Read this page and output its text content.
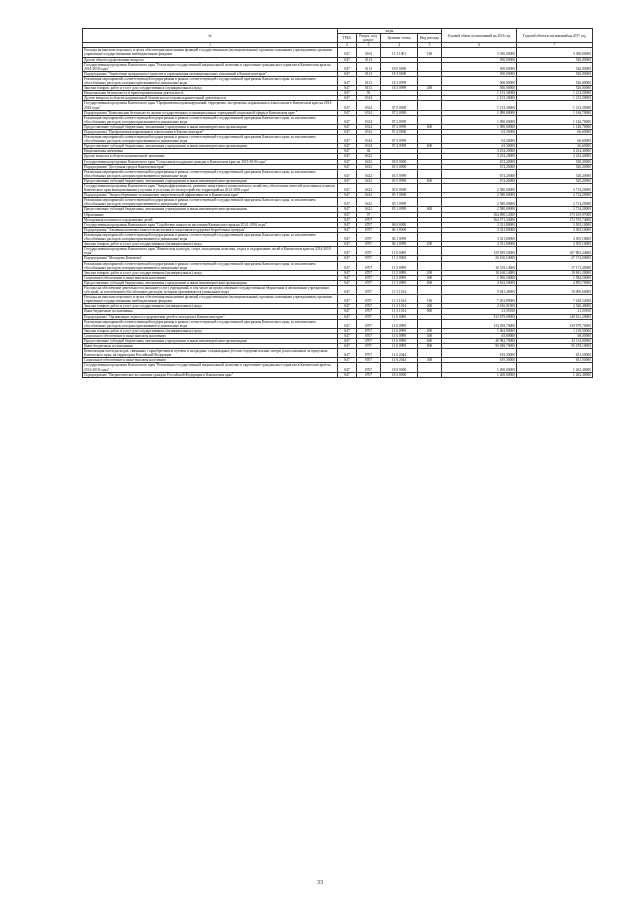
№	коды				Годовой объем ассигнований на 2016 год	Годовой объем ассигнований на 2017 год
	ГРБС	Раздел, под-раздел	Целевая статья	Вид расхода		
1	2	3	4	5	6	7
Расходы на выплаты персоналу в целях обеспечения выполнения функций государственными (муниципальными) органами, казенными учреждениями, органами управления государственными внебюджетными фондами	847	0104	11 3 1001	100	3 396,00000	3 396,00000
Другие общегосударственные вопросы	847	0113			500,00000	526,00000
Государственная программа Камчатского края "Реализация государственной национальной политики и укрепление гражданского единства в Камчатском крае на 2014-2018 годы"	847	0113	18 0 0000		500,00000	526,00000
Подпрограмма "Укрепление гражданского единства и гармонизация межнациональных отношений в Камчатском крае"	847	0113	18 3 0000		500,00000	526,00000
Реализация мероприятий соответствующей подпрограммы в рамках соответствующей государственной программы Камчатского края, за исключением обособленных расходов, которым присваиваются уникальные коды	847	0113	18 3 0999		500,00000	526,00000
Закупка товаров, работ и услуг для государственных (муниципальных) нужд	847	0113	18 3 0999	200	500,00000	526,00000
Национальная безопасность и правоохранительная деятельность	847	03			1 153,30000	1 213,30000
Другие вопросы в области национальной безопасности и правоохранительной деятельности	847	0314			1 153,30000	1 213,30000
Государственная программа Камчатского края "Профилактика правонарушений, терроризма, экстремизма, наркомании и алкоголизма в Камчатском крае на 2014-2018 годы"	847	0314	07 0 0000		1 153,30000	1 213,30000
Подпрограмма "Комплексная безопасность жизни государственных и муниципальных учреждений социальной сферы в Камчатском крае "	847	0314	07 2 0000		1 090,00000	1 146,70000
Реализация мероприятий соответствующей подпрограммы в рамках соответствующей государственной программы Камчатского края, за исключением обособленных расходов, которым присваиваются уникальные коды	847	0314	07 2 0999		1 090,00000	1 146,70000
Предоставление субсидий бюджетным, автономным учреждениям и иным некоммерческим организациям	847	0314	07 2 0999	600	1 090,00000	1 146,70000
Подпрограмма "Профилактика наркомании и алкоголизма в Камчатском крае"	847	0314	07 4 0000		63,30000	66,60000
Реализация мероприятий соответствующей подпрограммы в рамках соответствующей государственной программы Камчатского края, за исключением обособленных расходов, которым присваиваются уникальные коды	847	0314	07 4 0999		63,30000	66,60000
Предоставление субсидий бюджетным, автономным учреждениям и иным некоммерческим организациям	847	0314	07 4 0999	600	63,30000	66,60000
Национальная экономика	847	04			3 254,20000	3 234,40000
Другие вопросы в области национальной экономики	847	0412			3 254,20000	3 234,40000
Государственная программа Камчатского края "Социальная поддержка граждан в Камчатском крае на 2015-2018 годы"	847	0412	03 0 0000		674,20000	520,20000
Подпрограмма "Доступная среда в Камчатском крае"	847	0412	03 5 0000		674,20000	520,20000
Реализация мероприятий соответствующей подпрограммы в рамках соответствующей государственной программы Камчатского края, за исключением обособленных расходов, которым присваиваются уникальные коды	847	0412	03 5 0999		674,20000	520,20000
Предоставление субсидий бюджетным, автономным учреждениям и иным некоммерческим организациям	847	0412	03 5 0999	600	674,20000	520,20000
Государственная программа Камчатского края "Энергоэффективность, развитие энергетики и коммунального хозяйства, обеспечение жителей населенных пунктов Камчатского края коммунальными услугами и услугами по благоустройству территорий на 2014-2018 годы"	847	0412	05 0 0000		2 580,00000	2 714,20000
Подпрограмма "Энергосбережение и повышение энергетической эффективности в Камчатском крае"	847	0412	05 1 0000		2 580,00000	2 714,20000
Реализация мероприятий соответствующей подпрограммы в рамках соответствующей государственной программы Камчатского края, за исключением обособленных расходов, которым присваиваются уникальные коды	847	0412	05 1 0999		2 580,00000	2 714,20000
Предоставление субсидий бюджетным, автономным учреждениям и иным некоммерческим организациям	847	0412	05 1 0999	600	2 580,00000	2 714,20000
Образование	847	07			164 890,12000	173 105,97000
Молодежная политика и оздоровление детей	847	0707			164 371,34000	172 570,74000
Государственная программа Камчатского края "Содействие занятости населения Камчатского края на 2014 -2016 годы"	847	0707	06 0 0000		3 331,80000	3 505,10000
Подпрограмма "Активная политика занятости населения и социальная поддержка безработных граждан"	847	0707	06 1 0000		3 331,80000	3 505,10000
Реализация мероприятий соответствующей подпрограммы в рамках соответствующей государственной программы Камчатского края, за исключением обособленных расходов, которым присваиваются уникальные коды	847	0707	06 1 0999		3 331,80000	3 505,10000
Закупка товаров, работ и услуг для государственных (муниципальных) нужд	847	0707	06 1 0999	200	3 331,80000	3 505,10000
Государственная программа Камчатского края "Физическая культура, спорт, молодежная политика, отдых и оздоровление детей в Камчатском крае на 2014-2018 годы"	847	0707	11 0 0000		159 839,50000	167 803,24000
Подпрограмма "Молодежь Камчатки"	847	0707	11 5 0000		26 160,54000	27 172,00000
Реализация мероприятий соответствующей подпрограммы в рамках соответствующей государственной программы Камчатского края, за исключением обособленных расходов, которым присваиваются уникальные коды	847	0707	11 5 0999		16 319,14000	17 171,40000
Закупка товаров, работ и услуг для государственных (муниципальных) нужд	847	0707	11 5 0999	200	10 160,14000	10 691,20000
Социальное обеспечение и иные выплаты населению	847	0707	11 5 0999	300	1 506,50000	1 584,50000
Предоставление субсидий бюджетным, автономным учреждениям и иным некоммерческим организациям	847	0707	11 5 0999	600	4 652,50000	4 895,70000
Расходы на обеспечение деятельности (оказание услуг) учреждений, в том числе на предоставление государственным бюджетным и автономным учреждениям субсидий, за исключением обособленных расходов, которым присваиваются уникальные коды	847	0707	11 5 1014		9 841,40000	10 000,60000
Расходы на выплаты персоналу в целях обеспечения выполнения функций государственными (муниципальными) органами, казенными учреждениями, органами управления государственными внебюджетными фондами	847	0707	11 5 1014	100	7 202,89000	7 438,52000
Закупка товаров, работ и услуг для государственных (муниципальных) нужд	847	0707	11 5 1014	200	2 616,91000	2 540,48000
Иные бюджетные ассигнования	847	0707	11 5 1014	800	21,59100	21,59100
Подпрограмма "Организация отдыха и оздоровления детей и молодежи в Камчатском крае"	847	0707	11 6 0000		133 679,00000	140 631,20000
Реализация мероприятий соответствующей подпрограммы в рамках соответствующей государственной программы Камчатского края, за исключением обособленных расходов, которым присваиваются уникальные коды	847	0707	11 6 0999		133 059,70000	139 979,70000
Закупка товаров, работ и услуг для государственных (муниципальных) нужд	847	0707	11 6 0999	200	1 062,90000	1 118,50000
Социальное обеспечение и иные выплаты населению	847	0707	11 6 0999	300	65,00000	68,30000
Предоставление субсидий бюджетным, автономным учреждениям и иным некоммерческим организациям	847	0707	11 6 0999	600	40 982,70000	43 114,00000
Иные бюджетные ассигнования	847	0707	11 6 0999	800	90 948,70000	95 678,10000
Компенсация части расходов, связанных с приобретением путевок в загородные стационарные детские оздоровительные лагеря, расположенные за пределами Камчатского края, на территории Российской Федерации	847	0707	11 6 2044		619,30000	651,50000
Социальное обеспечение и иные выплаты населению	847	0707	11 6 2044	300	619,30000	651,50000
Государственная программа Камчатского края "Реализация государственной национальной политики и укрепление гражданского единства в Камчатском крае на 2014-2018 годы"	847	0707	18 0 0000		1 200,00000	1 262,40000
Подпрограмма "Патриотическое воспитание граждан Российской Федерации в Камчатском крае"	847	0707	18 2 0000		1 200,00000	1 262,40000
33
